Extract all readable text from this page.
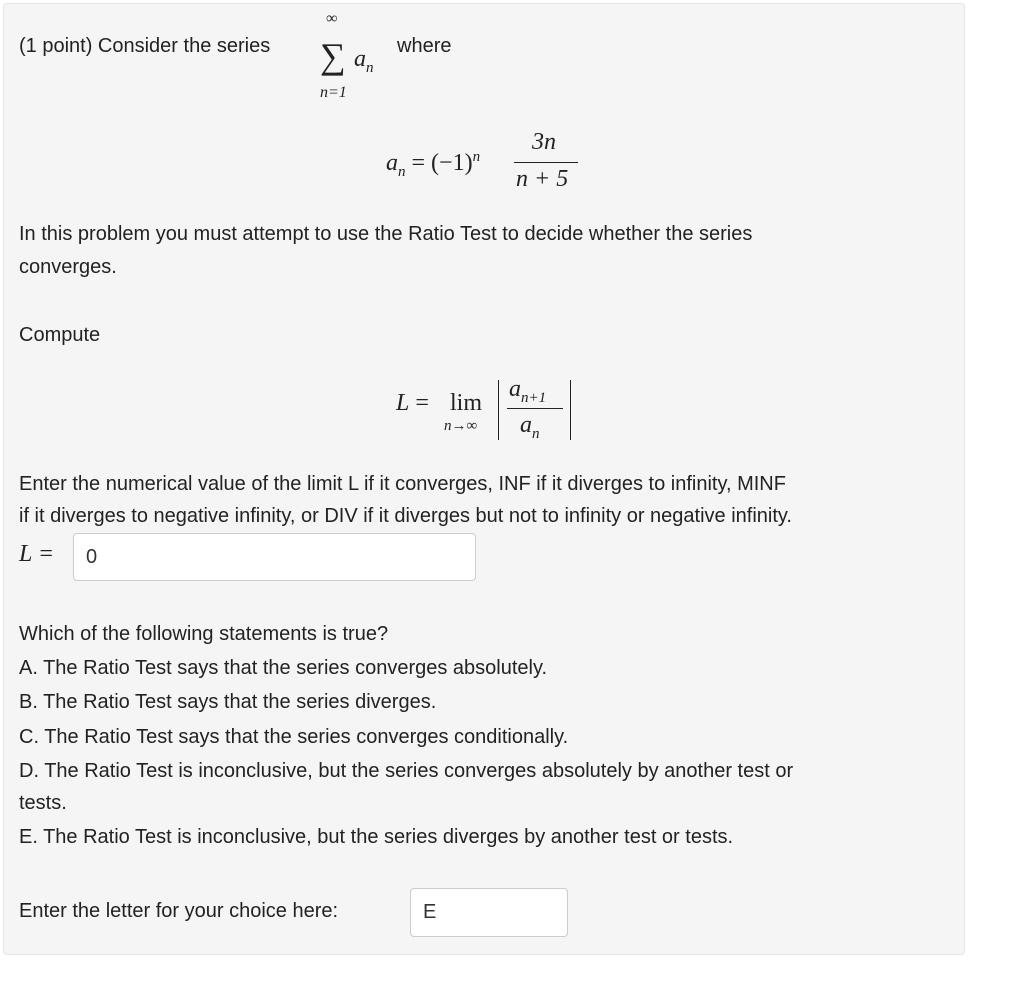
(1 point) Consider the series
∞
∑
n=1
$a_n$
where
$a_n = (-1)^n$
3n
n + 5
In this problem you must attempt to use the Ratio Test to decide whether the series
converges.
Compute
L = lim
n→∞
$a_{n+1}$
$a_n$
Enter the numerical value of the limit L if it converges, INF if it diverges to infinity, MINF
if it diverges to negative infinity, or DIV if it diverges but not to infinity or negative infinity.
L =	0
Which of the following statements is true?
A. The Ratio Test says that the series converges absolutely.
B. The Ratio Test says that the series diverges.
C. The Ratio Test says that the series converges conditionally.
D. The Ratio Test is inconclusive, but the series converges absolutely by another test or
tests.
E. The Ratio Test is inconclusive, but the series diverges by another test or tests.
Enter the letter for your choice here:	E
